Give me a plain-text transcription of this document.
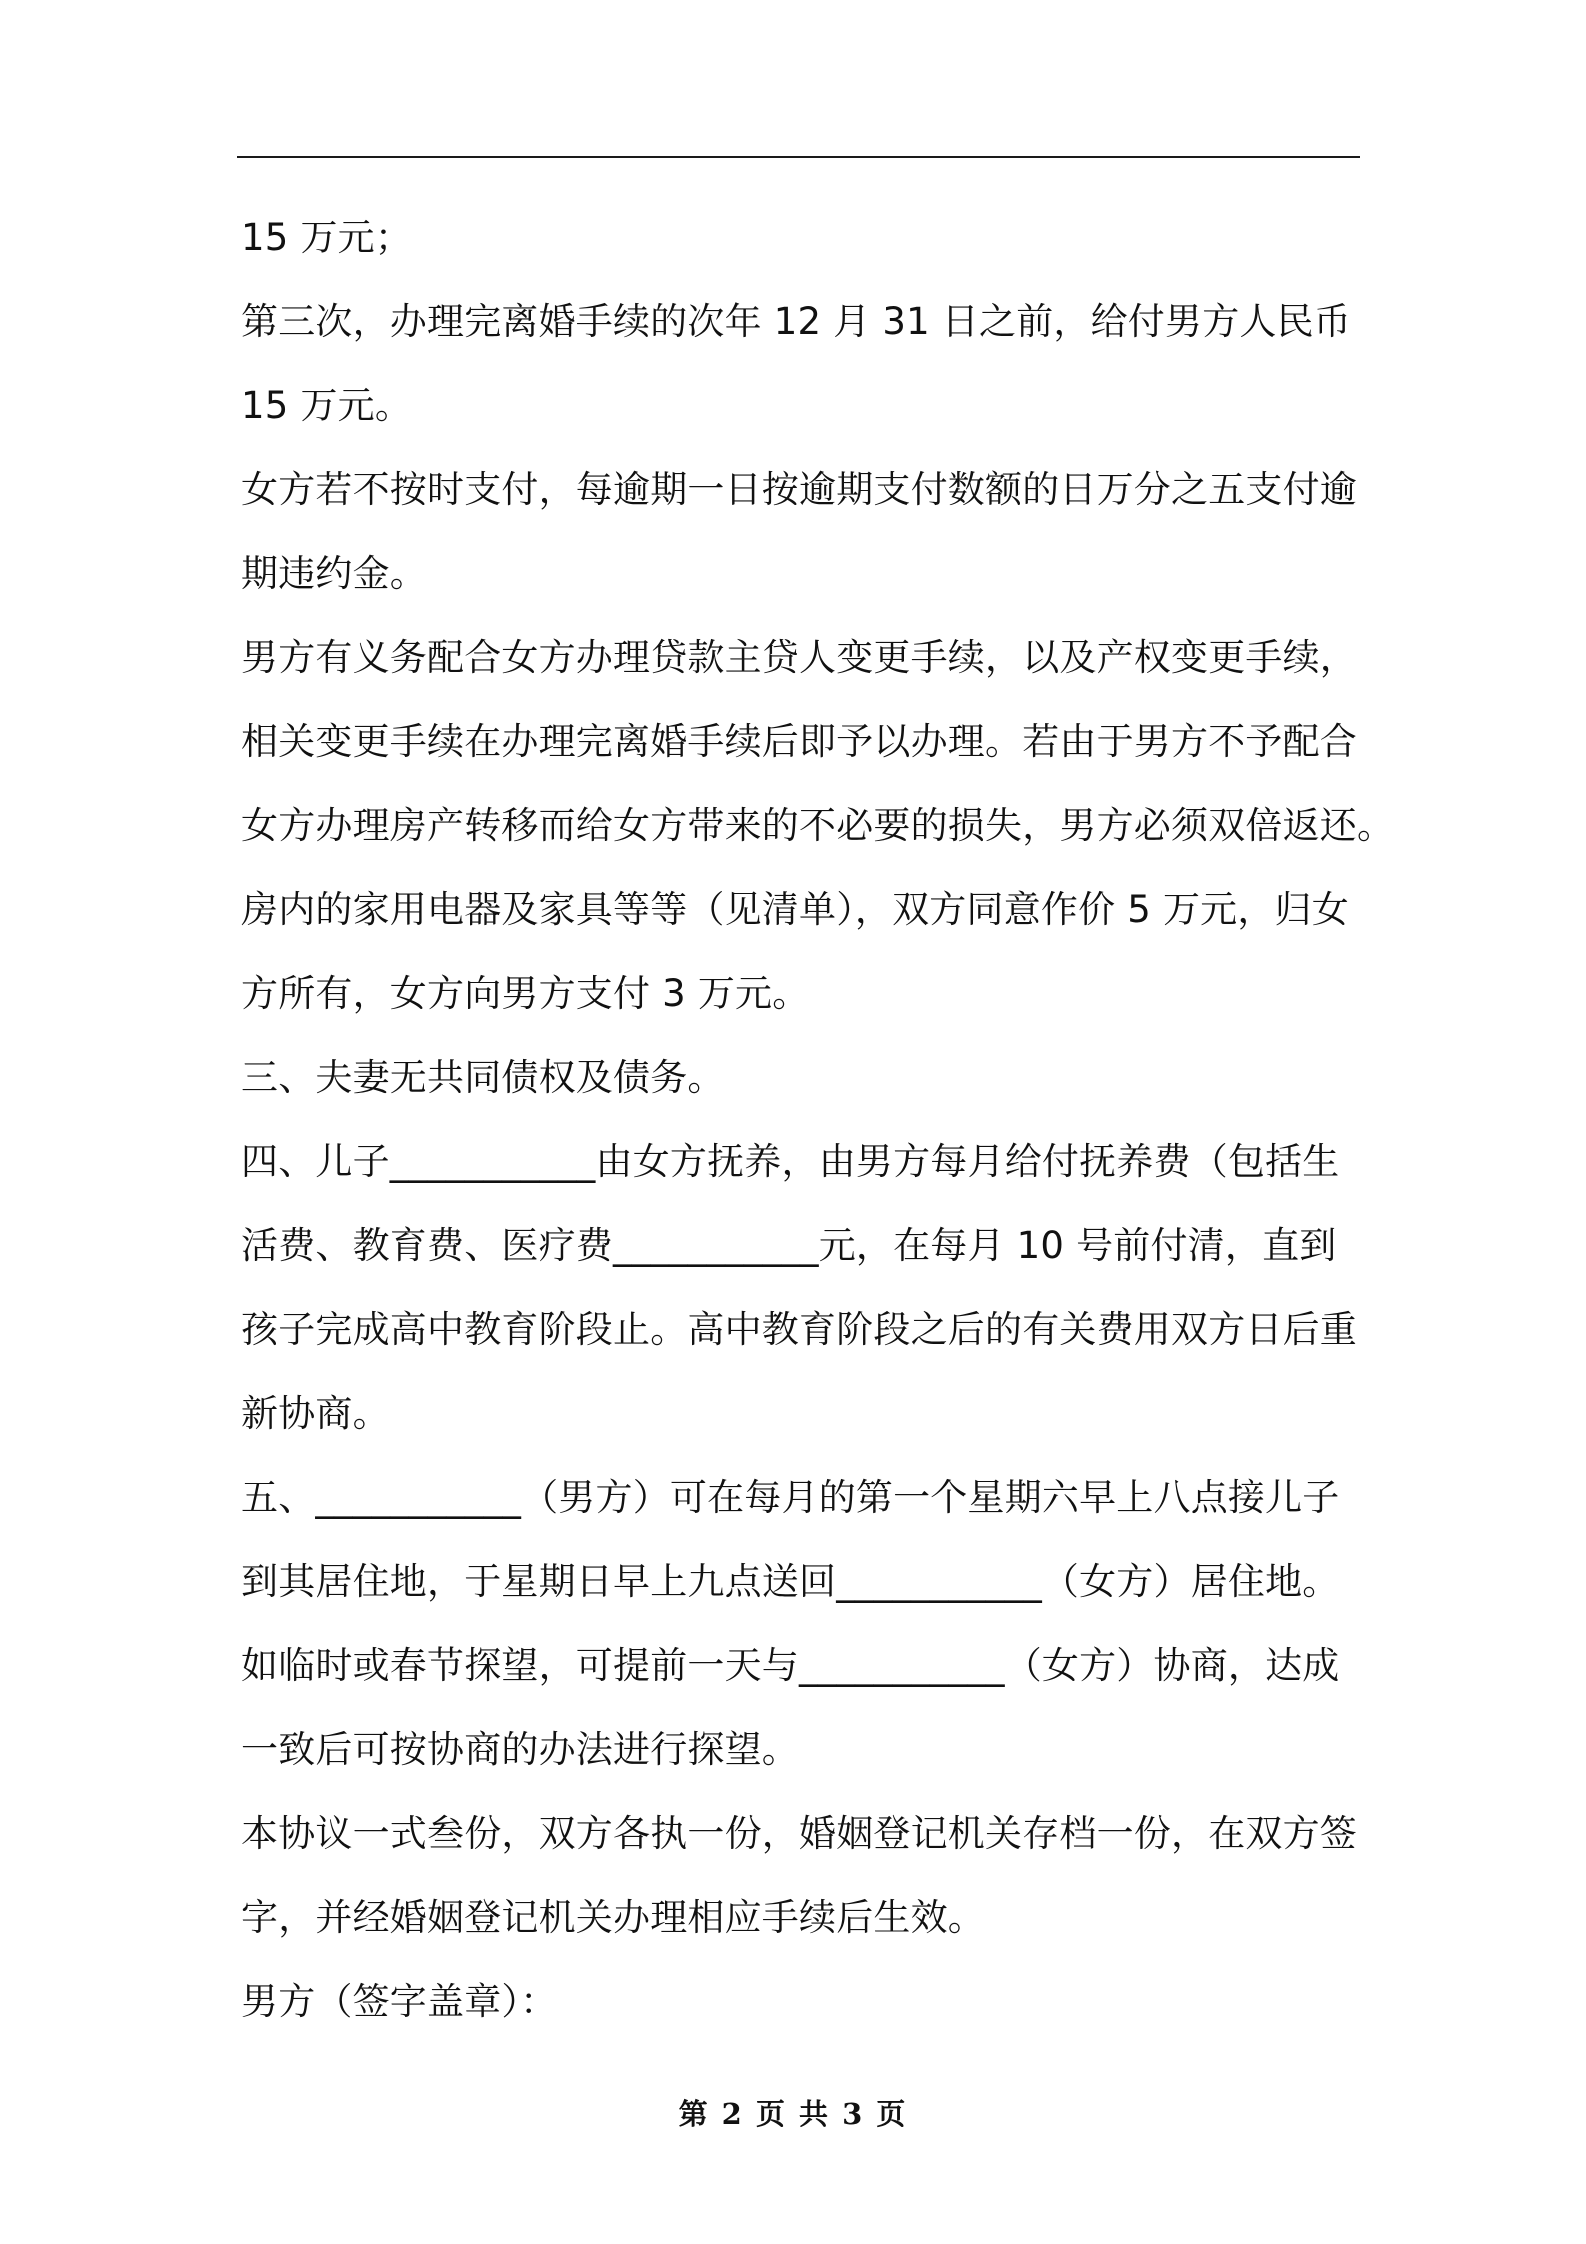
15 万元；
第三次，办理完离婚手续的次年 12 月 31 日之前，给付男方人民币
15 万元。
女方若不按时支付，每逾期一日按逾期支付数额的日万分之五支付逾
期违约金。
男方有义务配合女方办理贷款主贷人变更手续，以及产权变更手续，
相关变更手续在办理完离婚手续后即予以办理。若由于男方不予配合
女方办理房产转移而给女方带来的不必要的损失，男方必须双倍返还。
房内的家用电器及家具等等（见清单），双方同意作价 5 万元，归女
方所有，女方向男方支付 3 万元。
三、夫妻无共同债权及债务。
四、儿子___________由女方抚养，由男方每月给付抚养费（包括生
活费、教育费、医疗费___________元，在每月 10 号前付清，直到
孩子完成高中教育阶段止。高中教育阶段之后的有关费用双方日后重
新协商。
五、___________（男方）可在每月的第一个星期六早上八点接儿子
到其居住地，于星期日早上九点送回___________（女方）居住地。
如临时或春节探望，可提前一天与___________（女方）协商，达成
一致后可按协商的办法进行探望。
本协议一式叁份，双方各执一份，婚姻登记机关存档一份，在双方签
字，并经婚姻登记机关办理相应手续后生效。
男方（签字盖章）：
第 2 页 共 3 页
